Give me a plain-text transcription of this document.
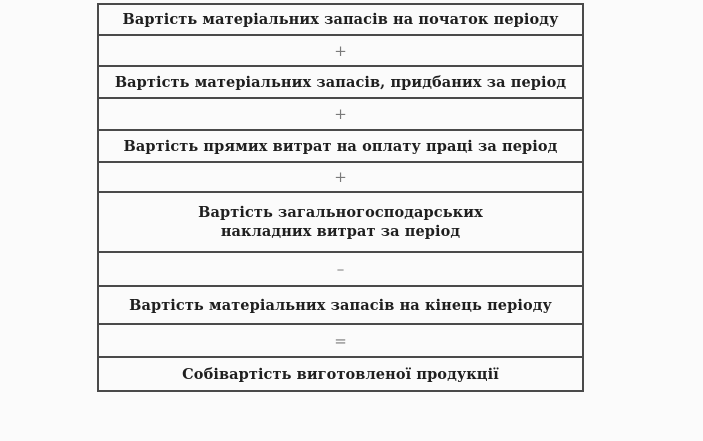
Вартість матеріальних запасів на початок періоду
+
Вартість матеріальних запасів, придбаних за період
+
Вартість прямих витрат на оплату праці за період
+
Вартість загальногосподарських
накладних витрат за період
–
Вартість матеріальних запасів на кінець періоду
=
Собівартість виготовленої продукції
